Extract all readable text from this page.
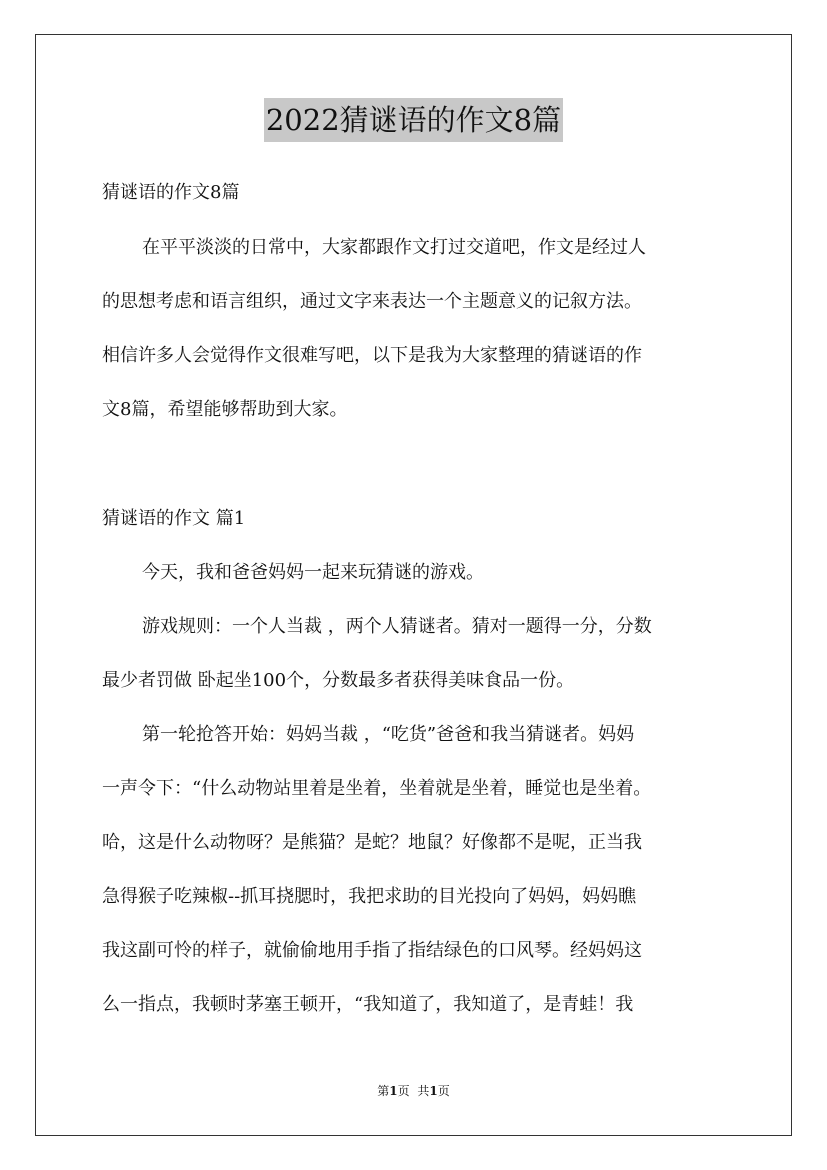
2022猜谜语的作文8篇
猜谜语的作文8篇
在平平淡淡的日常中，大家都跟作文打过交道吧，作文是经过人
的思想考虑和语言组织，通过文字来表达一个主题意义的记叙方法。
相信许多人会觉得作文很难写吧，以下是我为大家整理的猜谜语的作
文8篇，希望能够帮助到大家。
猜谜语的作文 篇1
今天，我和爸爸妈妈一起来玩猜谜的游戏。
游戏规则：一个人当裁 ，两个人猜谜者。猜对一题得一分，分数
最少者罚做 卧起坐100个，分数最多者获得美味食品一份。
第一轮抢答开始：妈妈当裁 ，“吃货”爸爸和我当猜谜者。妈妈
一声令下：“什么动物站里着是坐着，坐着就是坐着，睡觉也是坐着。
哈，这是什么动物呀？是熊猫？是蛇？地鼠？好像都不是呢，正当我
急得猴子吃辣椒--抓耳挠腮时，我把求助的目光投向了妈妈，妈妈瞧
我这副可怜的样子，就偷偷地用手指了指结绿色的口风琴。经妈妈这
么一指点，我顿时茅塞王顿开，“我知道了，我知道了，是青蛙！我
第1页 共1页
